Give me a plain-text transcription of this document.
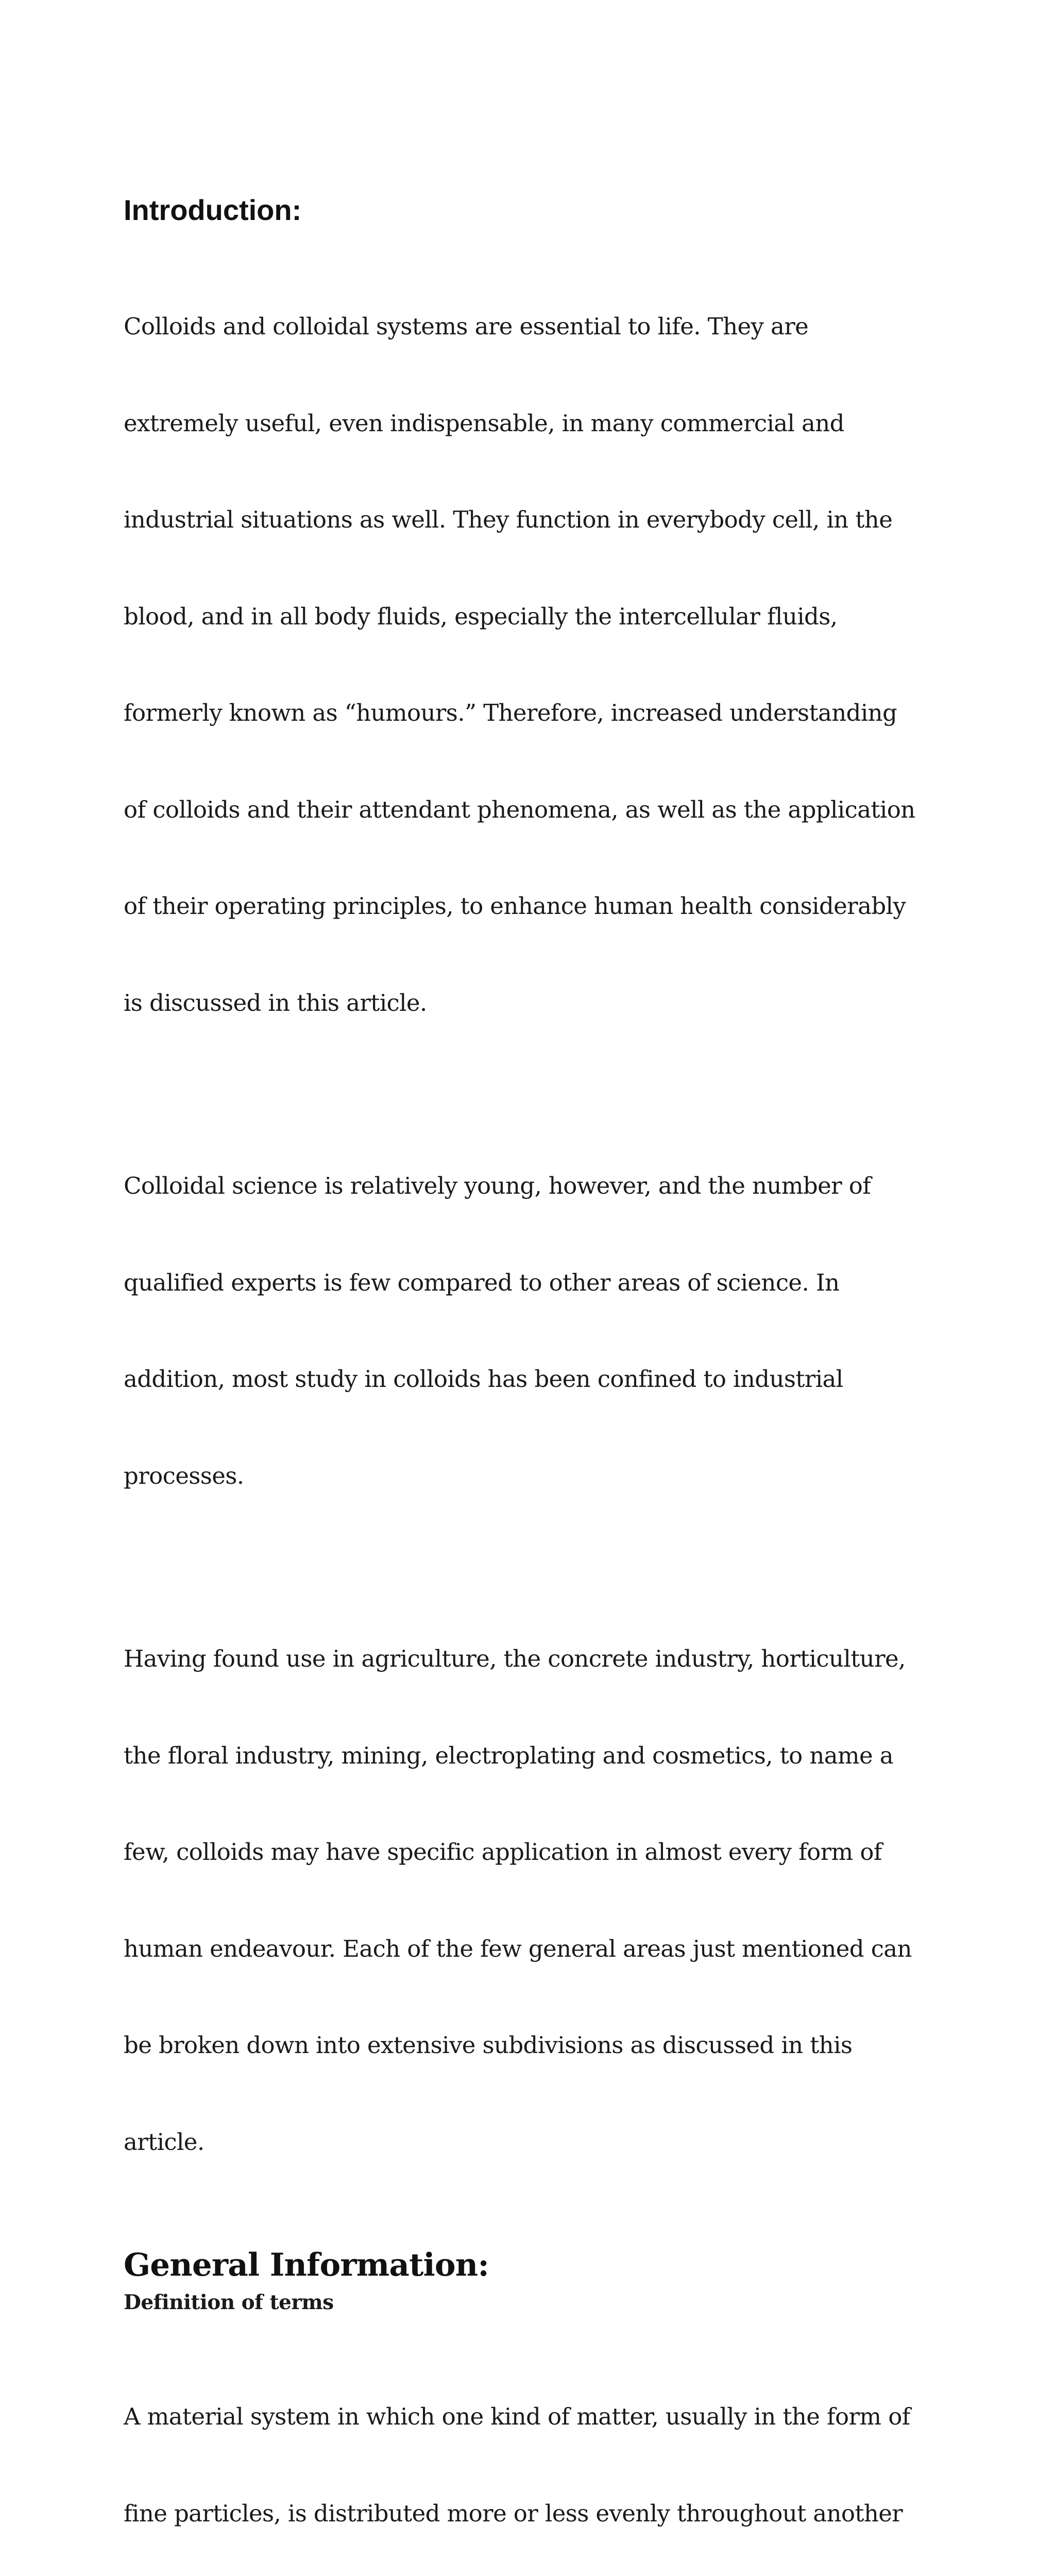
Introduction:

Colloids and colloidal systems are essential to life. They are

extremely useful, even indispensable, in many commercial and

industrial situations as well. They function in everybody cell, in the

blood, and in all body fluids, especially the intercellular fluids,

formerly known as “humours.” Therefore, increased understanding

of colloids and their attendant phenomena, as well as the application

of their operating principles, to enhance human health considerably

is discussed in this article.

Colloidal science is relatively young, however, and the number of

qualified experts is few compared to other areas of science. In

addition, most study in colloids has been confined to industrial

processes.

Having found use in agriculture, the concrete industry, horticulture,

the floral industry, mining, electroplating and cosmetics, to name a

few, colloids may have specific application in almost every form of

human endeavour. Each of the few general areas just mentioned can

be broken down into extensive subdivisions as discussed in this

article.

General Information:
Definition of terms

A material system in which one kind of matter, usually in the form of

fine particles, is distributed more or less evenly throughout another
